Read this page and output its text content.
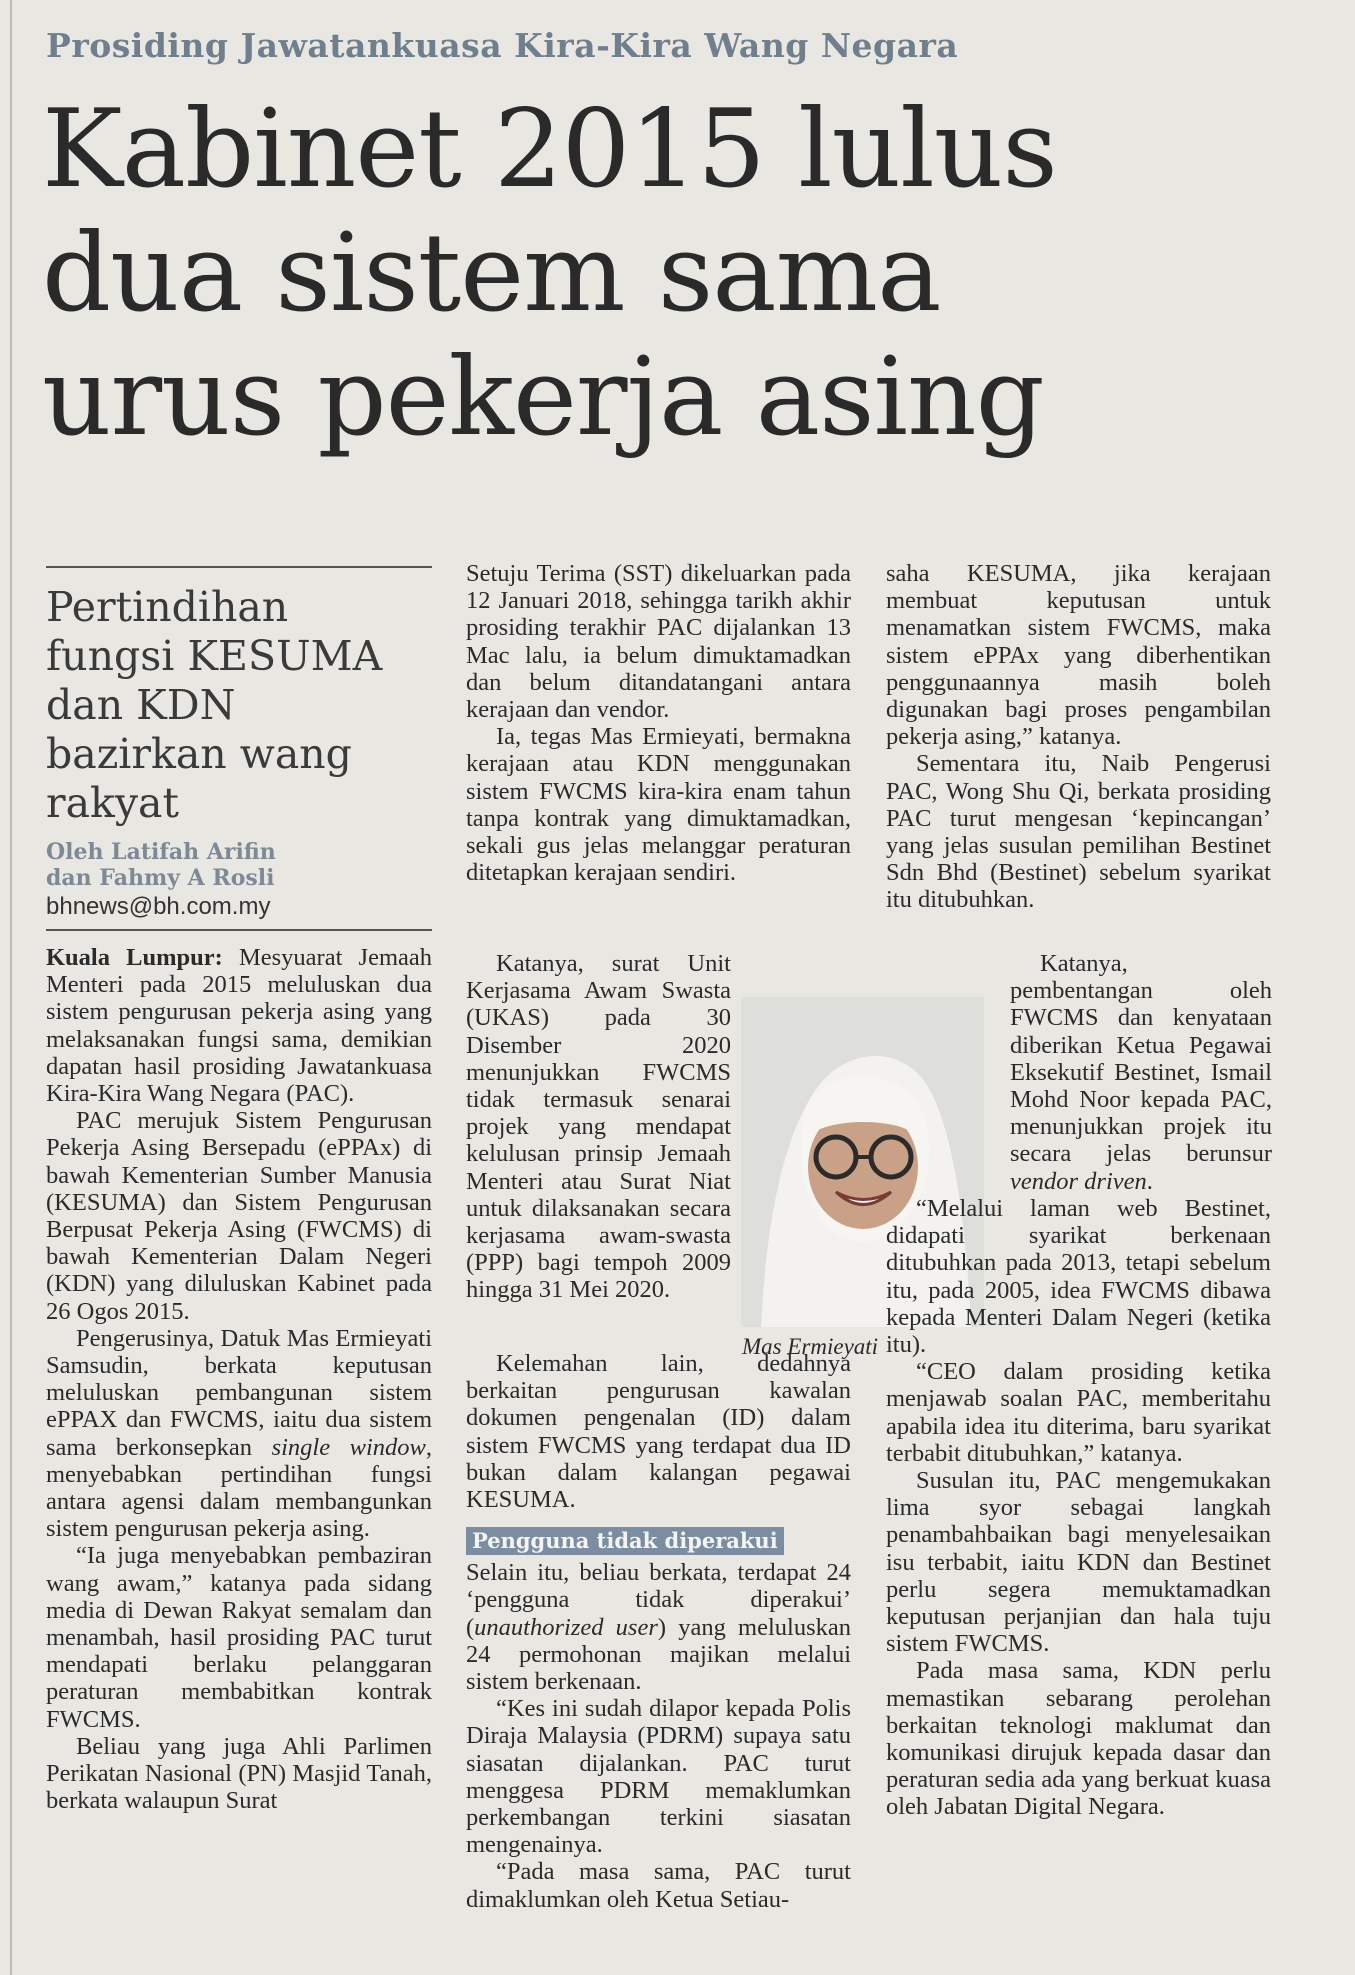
Prosiding Jawatankuasa Kira-Kira Wang Negara
Kabinet 2015 lulus
dua sistem sama
urus pekerja asing
Pertindihan fungsi KESUMA dan KDN bazirkan wang rakyat
Oleh Latifah Arifin
dan Fahmy A Rosli
bhnews@bh.com.my

Kuala Lumpur: Mesyuarat Jemaah Menteri pada 2015 meluluskan dua sistem pengurusan pekerja asing yang melaksanakan fungsi sama, demikian dapatan hasil prosiding Jawatankuasa Kira-Kira Wang Negara (PAC).

PAC merujuk Sistem Pengurusan Pekerja Asing Bersepadu (ePPAx) di bawah Kementerian Sumber Manusia (KESUMA) dan Sistem Pengurusan Berpusat Pekerja Asing (FWCMS) di bawah Kementerian Dalam Negeri (KDN) yang diluluskan Kabinet pada 26 Ogos 2015.

Pengerusinya, Datuk Mas Ermieyati Samsudin, berkata keputusan meluluskan pembangunan sistem ePPAX dan FWCMS, iaitu dua sistem sama berkonsepkan single window, menyebabkan pertindihan fungsi antara agensi dalam membangunkan sistem pengurusan pekerja asing.

“Ia juga menyebabkan pembaziran wang awam,” katanya pada sidang media di Dewan Rakyat semalam dan menambah, hasil prosiding PAC turut mendapati berlaku pelanggaran peraturan membabitkan kontrak FWCMS.

Beliau yang juga Ahli Parlimen Perikatan Nasional (PN) Masjid Tanah, berkata walaupun Surat

Setuju Terima (SST) dikeluarkan pada 12 Januari 2018, sehingga tarikh akhir prosiding terakhir PAC dijalankan 13 Mac lalu, ia belum dimuktamadkan dan belum ditandatangani antara kerajaan dan vendor.

Ia, tegas Mas Ermieyati, bermakna kerajaan atau KDN menggunakan sistem FWCMS kira-kira enam tahun tanpa kontrak yang dimuktamadkan, sekali gus jelas melanggar peraturan ditetapkan kerajaan sendiri.

Katanya, surat Unit Kerjasama Awam Swasta (UKAS) pada 30 Disember 2020 menunjukkan FWCMS tidak termasuk senarai projek yang mendapat kelulusan prinsip Jemaah Menteri atau Surat Niat untuk dilaksanakan secara kerjasama awam-swasta (PPP) bagi tempoh 2009 hingga 31 Mei 2020.

Kelemahan lain, dedahnya berkaitan pengurusan kawalan dokumen pengenalan (ID) dalam sistem FWCMS yang terdapat dua ID bukan dalam kalangan pegawai KESUMA.

Pengguna tidak diperakui

Selain itu, beliau berkata, terdapat 24 ‘pengguna tidak diperakui’ (unauthorized user) yang meluluskan 24 permohonan majikan melalui sistem berkenaan.

“Kes ini sudah dilapor kepada Polis Diraja Malaysia (PDRM) supaya satu siasatan dijalankan. PAC turut menggesa PDRM memaklumkan perkembangan terkini siasatan mengenainya.

“Pada masa sama, PAC turut dimaklumkan oleh Ketua Setiau-

Mas Ermieyati

saha KESUMA, jika kerajaan membuat keputusan untuk menamatkan sistem FWCMS, maka sistem ePPAx yang diberhentikan penggunaannya masih boleh digunakan bagi proses pengambilan pekerja asing,” katanya.

Sementara itu, Naib Pengerusi PAC, Wong Shu Qi, berkata prosiding PAC turut mengesan ‘kepincangan’ yang jelas susulan pemilihan Bestinet Sdn Bhd (Bestinet) sebelum syarikat itu ditubuhkan.

Katanya, pembentangan oleh FWCMS dan kenyataan diberikan Ketua Pegawai Eksekutif Bestinet, Ismail Mohd Noor kepada PAC, menunjukkan projek itu secara jelas berunsur vendor driven.

“Melalui laman web Bestinet, didapati syarikat berkenaan ditubuhkan pada 2013, tetapi sebelum itu, pada 2005, idea FWCMS dibawa kepada Menteri Dalam Negeri (ketika itu).

“CEO dalam prosiding ketika menjawab soalan PAC, memberitahu apabila idea itu diterima, baru syarikat terbabit ditubuhkan,” katanya.

Susulan itu, PAC mengemukakan lima syor sebagai langkah penambahbaikan bagi menyelesaikan isu terbabit, iaitu KDN dan Bestinet perlu segera memuktamadkan keputusan perjanjian dan hala tuju sistem FWCMS.

Pada masa sama, KDN perlu memastikan sebarang perolehan berkaitan teknologi maklumat dan komunikasi dirujuk kepada dasar dan peraturan sedia ada yang berkuat kuasa oleh Jabatan Digital Negara.
